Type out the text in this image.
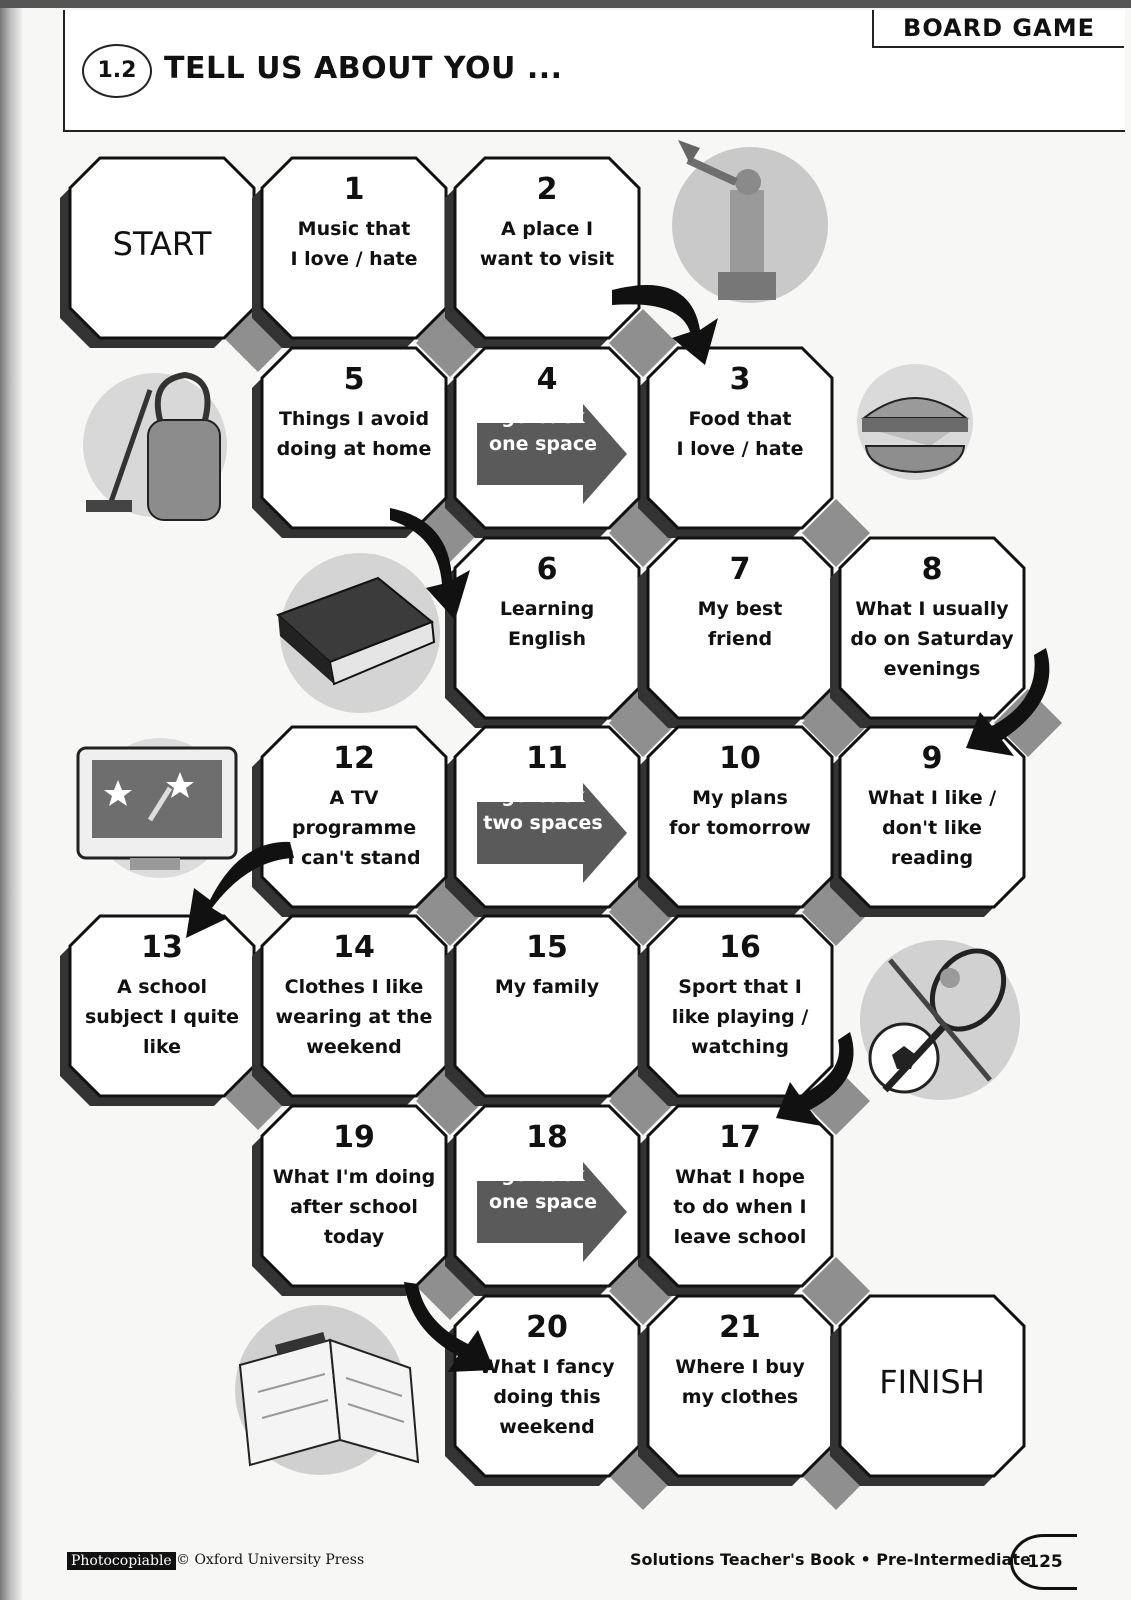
BOARD GAME
1.2 TELL US ABOUT YOU ...
START
1
Music that
I love / hate
2
A place I
want to visit
3
Food that
I love / hate
4
go back
one space
5
Things I avoid
doing at home
6
Learning
English
7
My best
friend
8
What I usually
do on Saturday
evenings
9
What I like /
don't like
reading
10
My plans
for tomorrow
11
go back
two spaces
12
A TV programme
I can't stand
13
A school
subject I quite
like
14
Clothes I like
wearing at the
weekend
15
My family
16
Sport that I
like playing /
watching
17
What I hope
to do when I
leave school
18
go back
one space
19
What I'm doing
after school
today
20
What I fancy
doing this
weekend
21
Where I buy
my clothes	FINISH
Photocopiable © Oxford University Press	Solutions Teacher's Book • Pre-Intermediate
125
